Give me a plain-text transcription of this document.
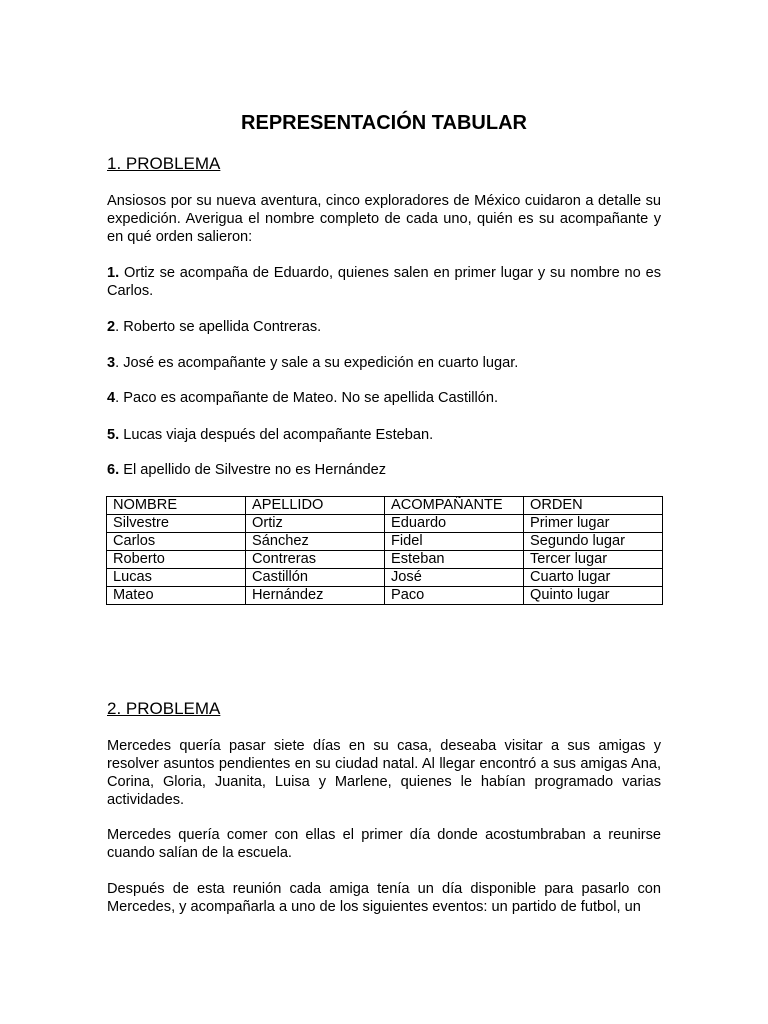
REPRESENTACIÓN TABULAR
1. PROBLEMA
Ansiosos por su nueva aventura, cinco exploradores de México cuidaron a detalle su expedición. Averigua el nombre completo de cada uno, quién es su acompañante y en qué orden salieron:
1. Ortiz se acompaña de Eduardo, quienes salen en primer lugar y su nombre no es Carlos.
2. Roberto se apellida Contreras.
3. José es acompañante y sale a su expedición en cuarto lugar.
4. Paco es acompañante de Mateo. No se apellida Castillón.
5. Lucas viaja después del acompañante Esteban.
6. El apellido de Silvestre no es Hernández
NOMBRE	APELLIDO	ACOMPAÑANTE	ORDEN
Silvestre	Ortiz	Eduardo	Primer lugar
Carlos	Sánchez	Fidel	Segundo lugar
Roberto	Contreras	Esteban	Tercer lugar
Lucas	Castillón	José	Cuarto lugar
Mateo	Hernández	Paco	Quinto lugar
2. PROBLEMA
Mercedes quería pasar siete días en su casa, deseaba visitar a sus amigas y resolver asuntos pendientes en su ciudad natal. Al llegar encontró a sus amigas Ana, Corina, Gloria, Juanita, Luisa y Marlene, quienes le habían programado varias actividades.
Mercedes quería comer con ellas el primer día donde acostumbraban a reunirse cuando salían de la escuela.
Después de esta reunión cada amiga tenía un día disponible para pasarlo con Mercedes, y acompañarla a uno de los siguientes eventos: un partido de futbol, un
